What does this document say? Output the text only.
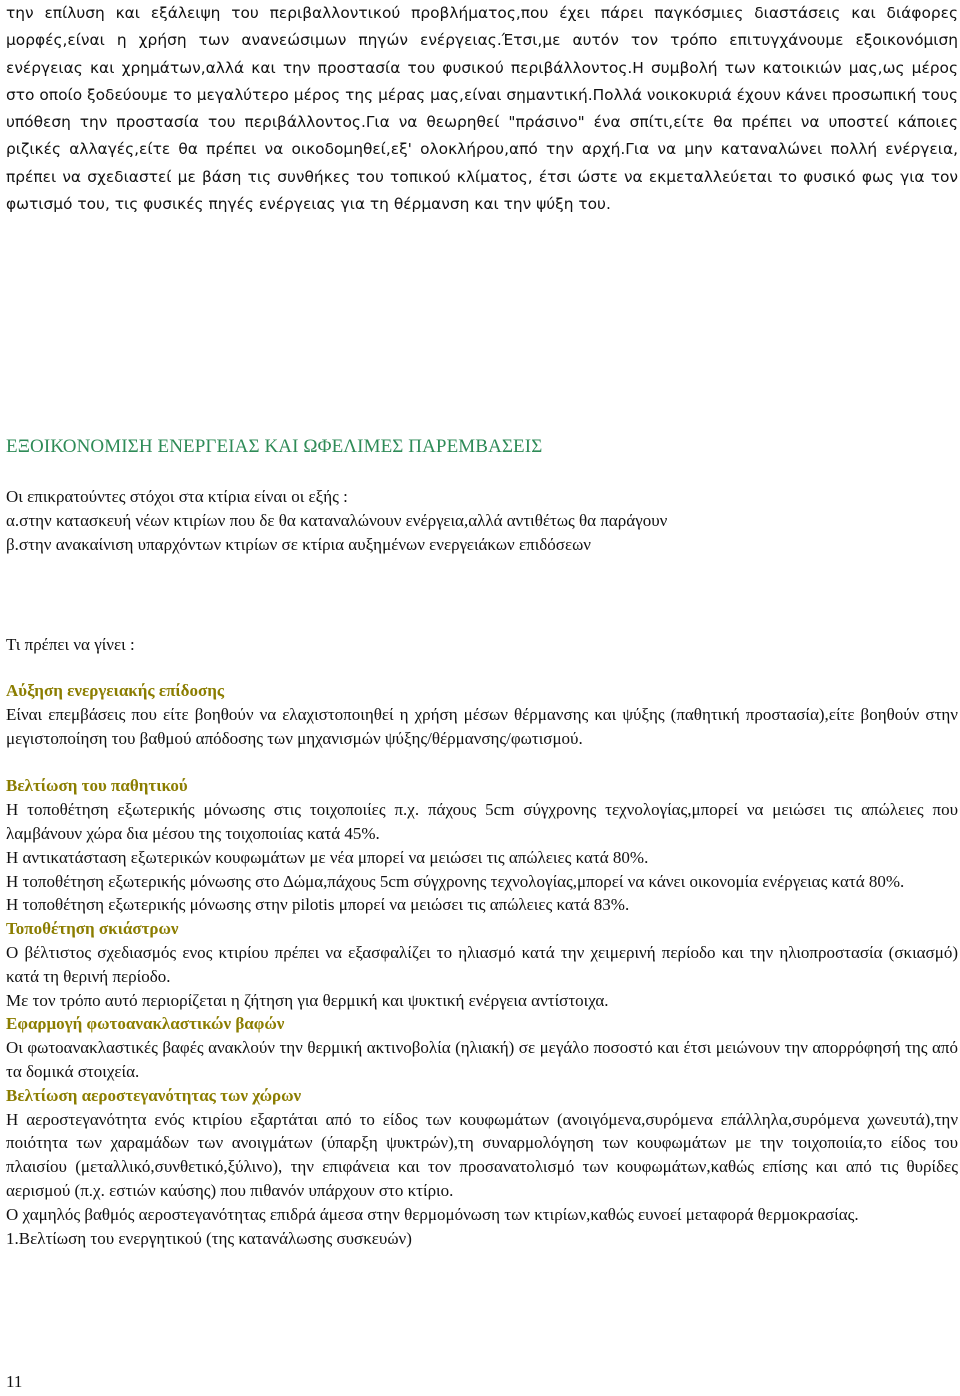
την επίλυση και εξάλειψη του περιβαλλοντικού προβλήματος,που έχει πάρει παγκόσμιες διαστάσεις και διάφορες μορφές,είναι η χρήση των ανανεώσιμων πηγών ενέργειας.Έτσι,με αυτόν τον τρόπο επιτυγχάνουμε εξοικονόμιση ενέργειας και χρημάτων,αλλά και την προστασία του φυσικού περιβάλλοντος.Η συμβολή των κατοικιών μας,ως μέρος στο οποίο ξοδεύουμε το μεγαλύτερο μέρος της μέρας μας,είναι σημαντική.Πολλά νοικοκυριά έχουν κάνει προσωπική τους υπόθεση την προστασία του περιβάλλοντος.Για να θεωρηθεί "πράσινο" ένα σπίτι,είτε θα πρέπει να υποστεί κάποιες ριζικές αλλαγές,είτε θα πρέπει να οικοδομηθεί,εξ' ολοκλήρου,από την αρχή.Για να μην καταναλώνει πολλή ενέργεια, πρέπει να σχεδιαστεί με βάση τις συνθήκες του τοπικού κλίματος, έτσι ώστε να εκμεταλλεύεται το φυσικό φως για τον φωτισμό του, τις φυσικές πηγές ενέργειας για τη θέρμανση και την ψύξη του.

ΕΞΟΙΚΟΝΟΜΙΣΗ ΕΝΕΡΓΕΙΑΣ ΚΑΙ ΩΦΕΛΙΜΕΣ ΠΑΡΕΜΒΑΣΕΙΣ
Οι επικρατούντες στόχοι στα κτίρια είναι οι εξής :
α.στην κατασκευή νέων κτιρίων που δε θα καταναλώνουν ενέργεια,αλλά αντιθέτως θα παράγουν
β.στην ανακαίνιση υπαρχόντων κτιρίων σε κτίρια αυξημένων ενεργειάκων επιδόσεων
Τι πρέπει να γίνει :

Αύξηση ενεργειακής επίδοσης

Είναι επεμβάσεις που είτε βοηθούν να ελαχιστοποιηθεί η χρήση μέσων θέρμανσης και ψύξης (παθητική προστασία),είτε βοηθούν στην μεγιστοποίηση του βαθμού απόδοσης των μηχανισμών ψύξης/θέρμανσης/φωτισμού.

Βελτίωση του παθητικού

Η τοποθέτηση εξωτερικής μόνωσης στις τοιχοποιίες π.χ. πάχους 5cm σύγχρονης τεχνολογίας,μπορεί να μειώσει τις απώλειες που λαμβάνουν χώρα δια μέσου της τοιχοποιίας κατά 45%.

Η αντικατάσταση εξωτερικών κουφωμάτων με νέα μπορεί να μειώσει τις απώλειες κατά 80%.

Η τοποθέτηση εξωτερικής μόνωσης στο Δώμα,πάχους 5cm σύγχρονης τεχνολογίας,μπορεί να κάνει οικονομία ενέργειας κατά 80%.

Η τοποθέτηση εξωτερικής μόνωσης στην pilotis μπορεί να μειώσει τις απώλειες κατά 83%.

Τοποθέτηση σκιάστρων

Ο βέλτιστος σχεδιασμός ενος κτιρίου πρέπει να εξασφαλίζει το ηλιασμό κατά την χειμερινή περίοδο και την ηλιοπροστασία (σκιασμό) κατά τη θερινή περίοδο.

Με τον τρόπο αυτό περιορίζεται η ζήτηση για θερμική και ψυκτική ενέργεια αντίστοιχα.

Εφαρμογή φωτοανακλαστικών βαφών

Οι φωτοανακλαστικές βαφές ανακλούν την θερμική ακτινοβολία (ηλιακή) σε μεγάλο ποσοστό και έτσι μειώνουν την απορρόφησή της από τα δομικά στοιχεία.

Βελτίωση αεροστεγανότητας των χώρων

Η αεροστεγανότητα ενός κτιρίου εξαρτάται από το είδος των κουφωμάτων (ανοιγόμενα,συρόμενα επάλληλα,συρόμενα χωνευτά),την ποιότητα των χαραμάδων των ανοιγμάτων (ύπαρξη ψυκτρών),τη συναρμολόγηση των κουφωμάτων με την τοιχοποιία,το είδος του πλαισίου (μεταλλικό,συνθετικό,ξύλινο), την επιφάνεια και τον προσανατολισμό των κουφωμάτων,καθώς επίσης και από τις θυρίδες αερισμού (π.χ. εστιών καύσης) που πιθανόν υπάρχουν στο κτίριο.

Ο χαμηλός βαθμός αεροστεγανότητας επιδρά άμεσα στην θερμομόνωση των κτιρίων,καθώς ευνοεί μεταφορά θερμοκρασίας.

1.Βελτίωση του ενεργητικού (της κατανάλωσης συσκευών)

11
